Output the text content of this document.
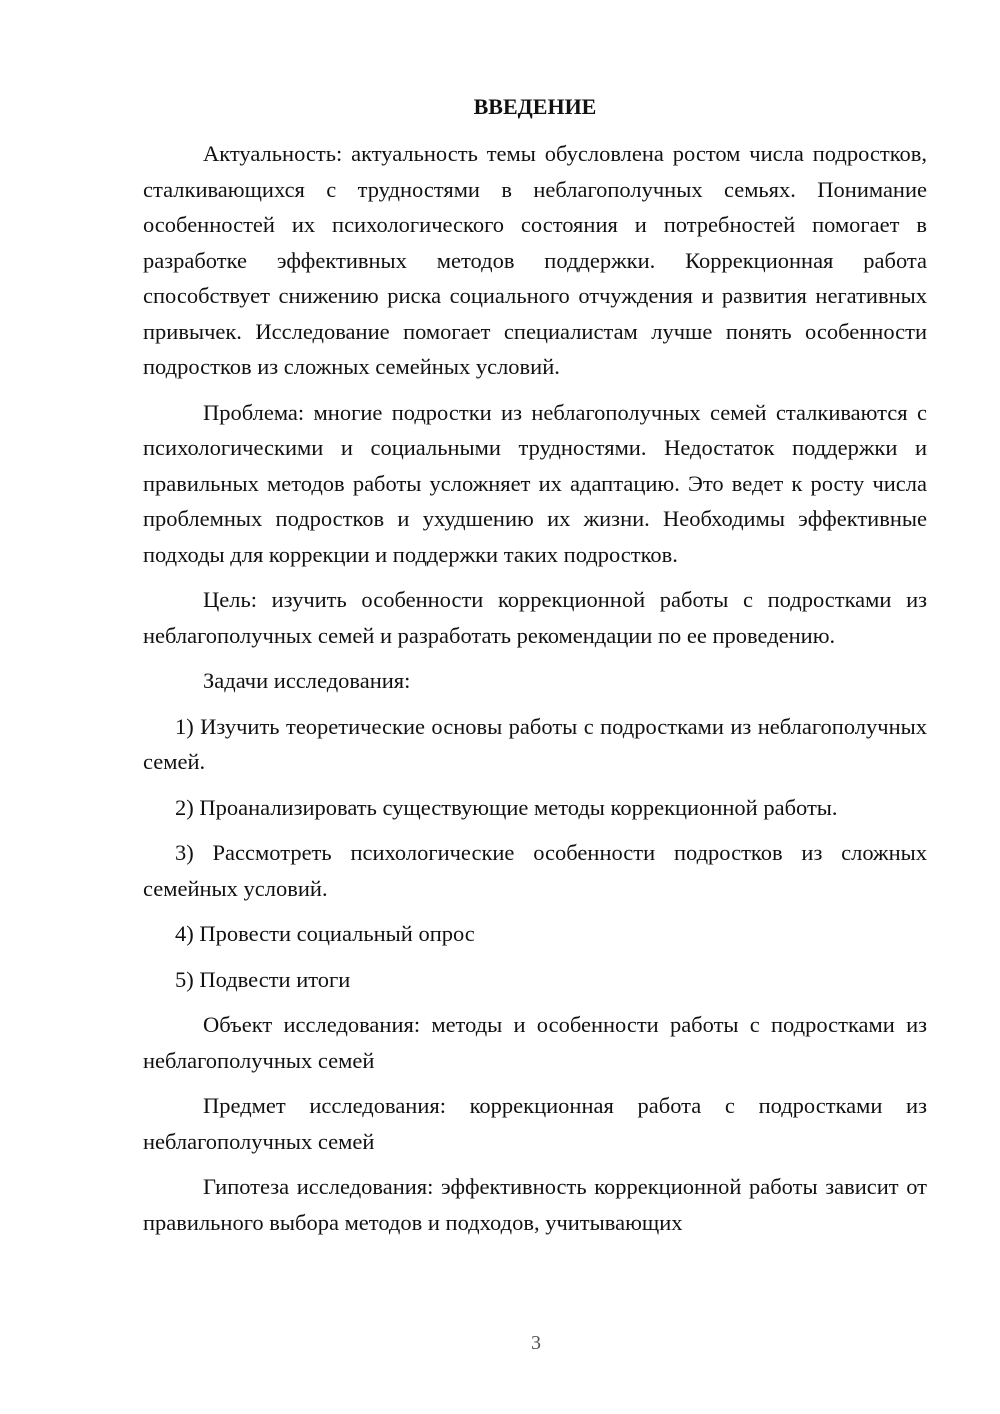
ВВЕДЕНИЕ

Актуальность: актуальность темы обусловлена ростом числа подростков, сталкивающихся с трудностями в неблагополучных семьях. Понимание особенностей их психологического состояния и потребностей помогает в разработке эффективных методов поддержки. Коррекционная работа способствует снижению риска социального отчуждения и развития негативных привычек. Исследование помогает специалистам лучше понять особенности подростков из сложных семейных условий.

Проблема: многие подростки из неблагополучных семей сталкиваются с психологическими и социальными трудностями. Недостаток поддержки и правильных методов работы усложняет их адаптацию. Это ведет к росту числа проблемных подростков и ухудшению их жизни. Необходимы эффективные подходы для коррекции и поддержки таких подростков.

Цель: изучить особенности коррекционной работы с подростками из неблагополучных семей и разработать рекомендации по ее проведению.

Задачи исследования:

1) Изучить теоретические основы работы с подростками из неблагополучных семей.

2) Проанализировать существующие методы коррекционной работы.

3) Рассмотреть психологические особенности подростков из сложных семейных условий.

4) Провести социальный опрос

5) Подвести итоги

Объект исследования: методы и особенности работы с подростками из неблагополучных семей

Предмет исследования: коррекционная работа с подростками из неблагополучных семей

Гипотеза исследования: эффективность коррекционной работы зависит от правильного выбора методов и подходов, учитывающих

3
